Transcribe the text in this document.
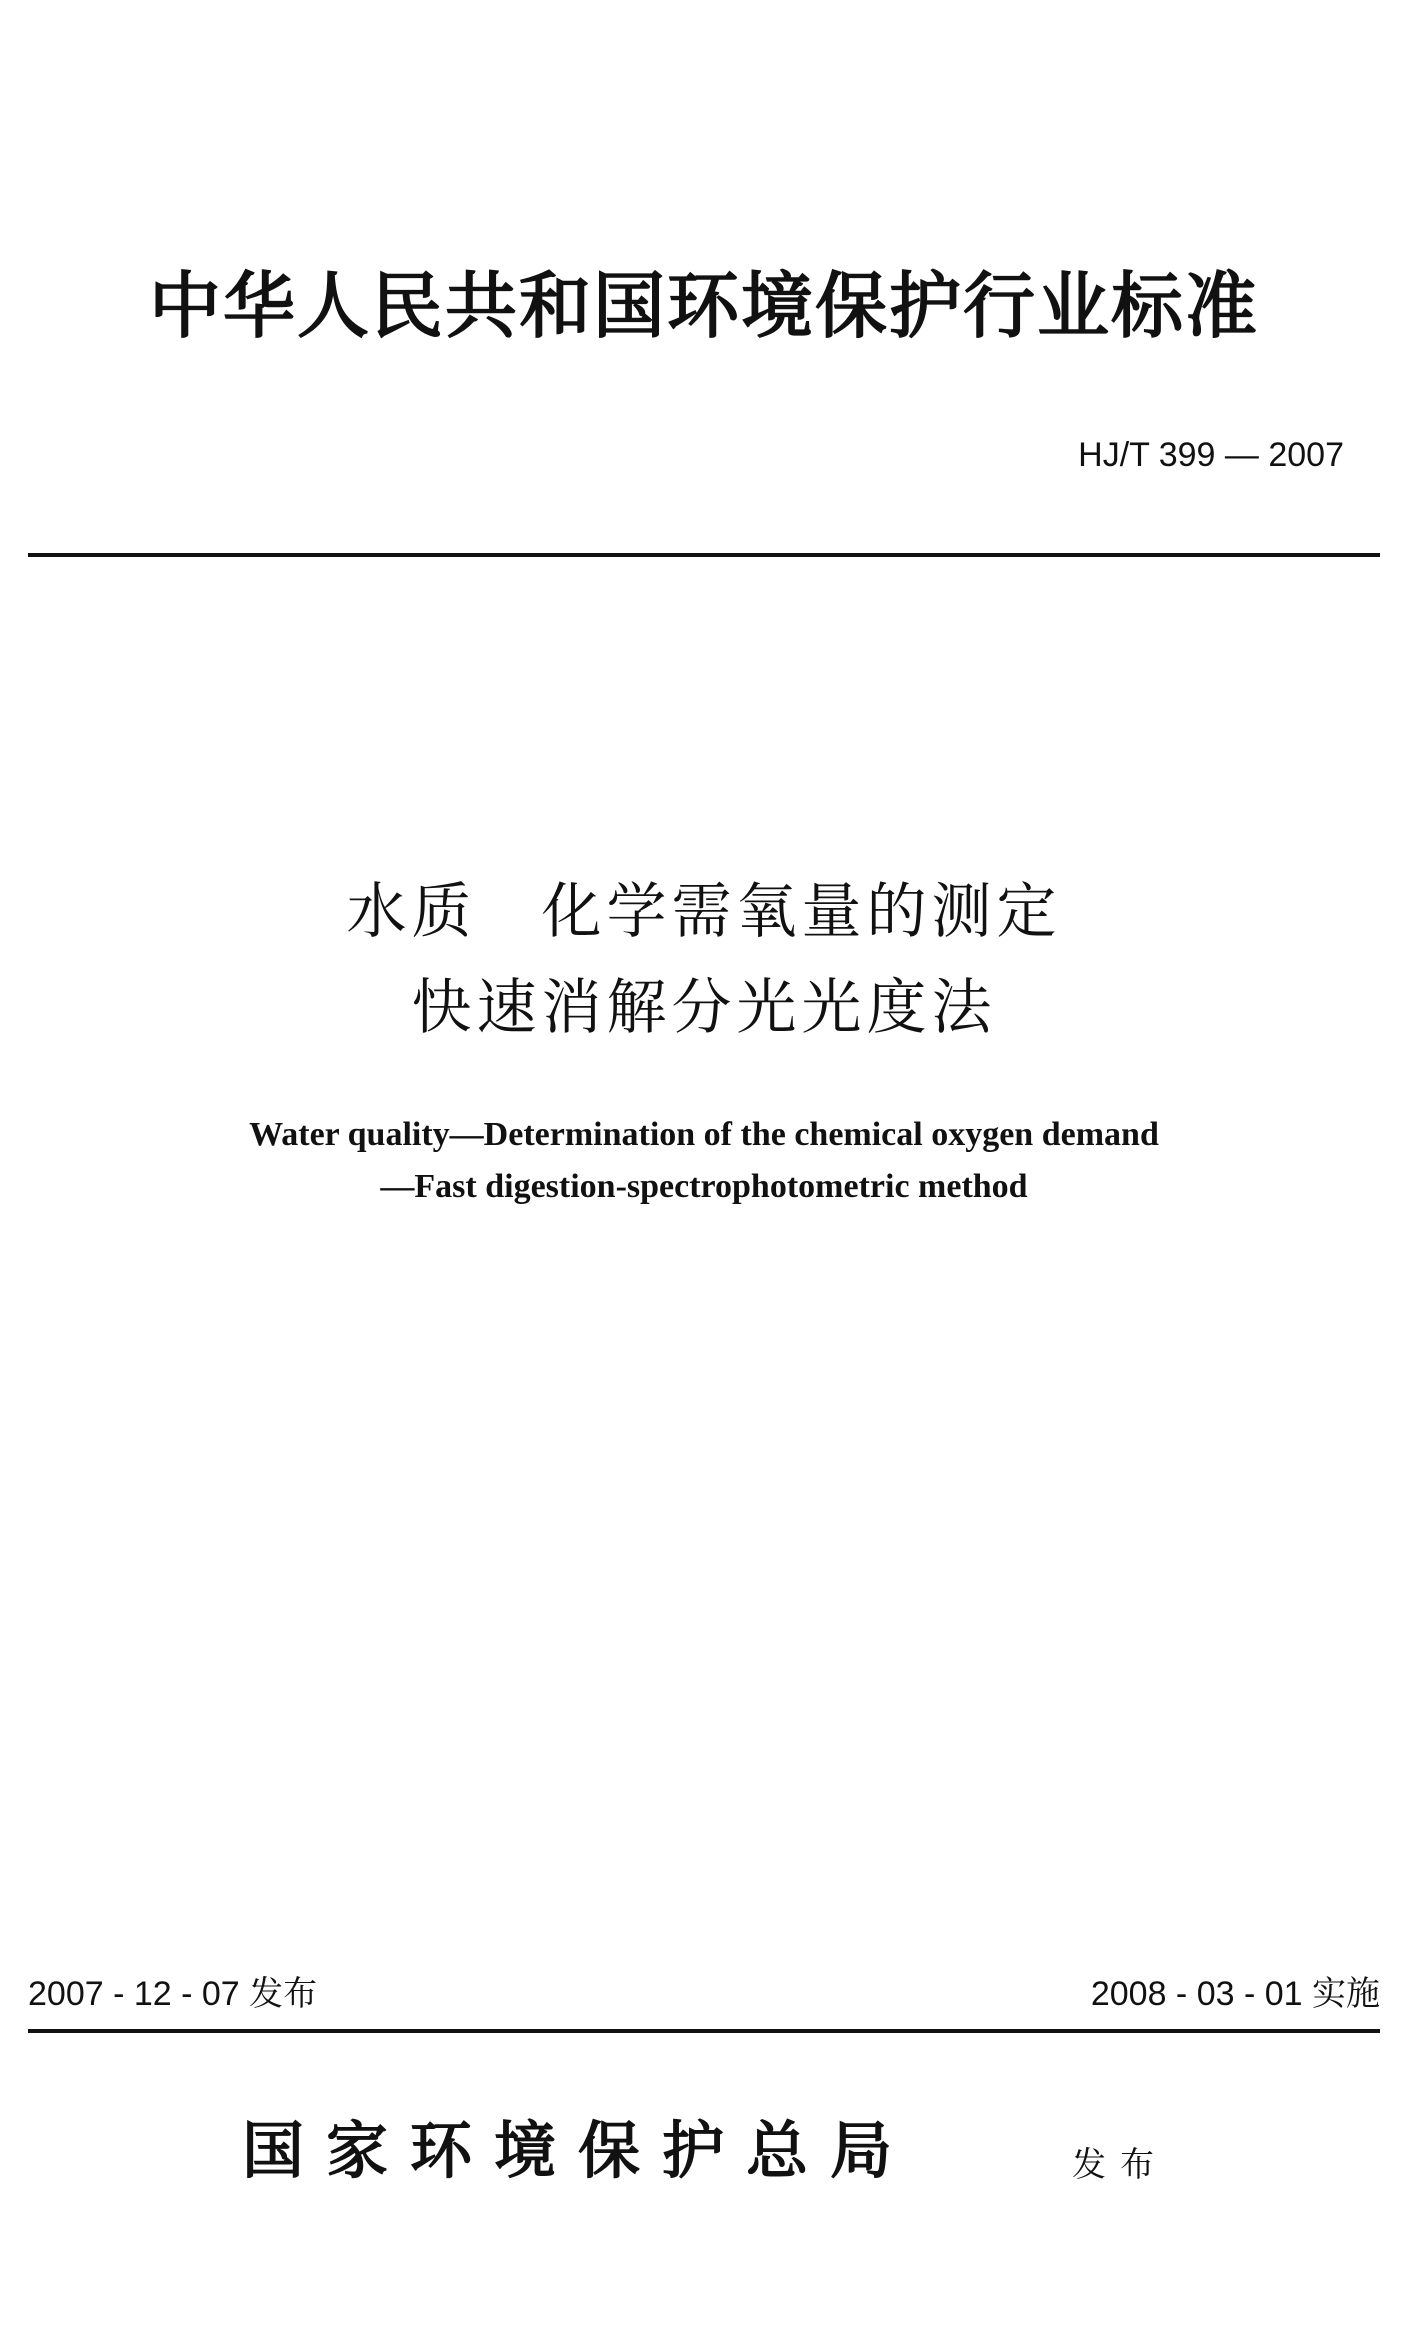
中华人民共和国环境保护行业标准
HJ/T 399 — 2007
水质　化学需氧量的测定
快速消解分光光度法
Water quality—Determination of the chemical oxygen demand
—Fast digestion-spectrophotometric method
2007 - 12 - 07 发布	2008 - 03 - 01 实施
国家环境保护总局	发布
